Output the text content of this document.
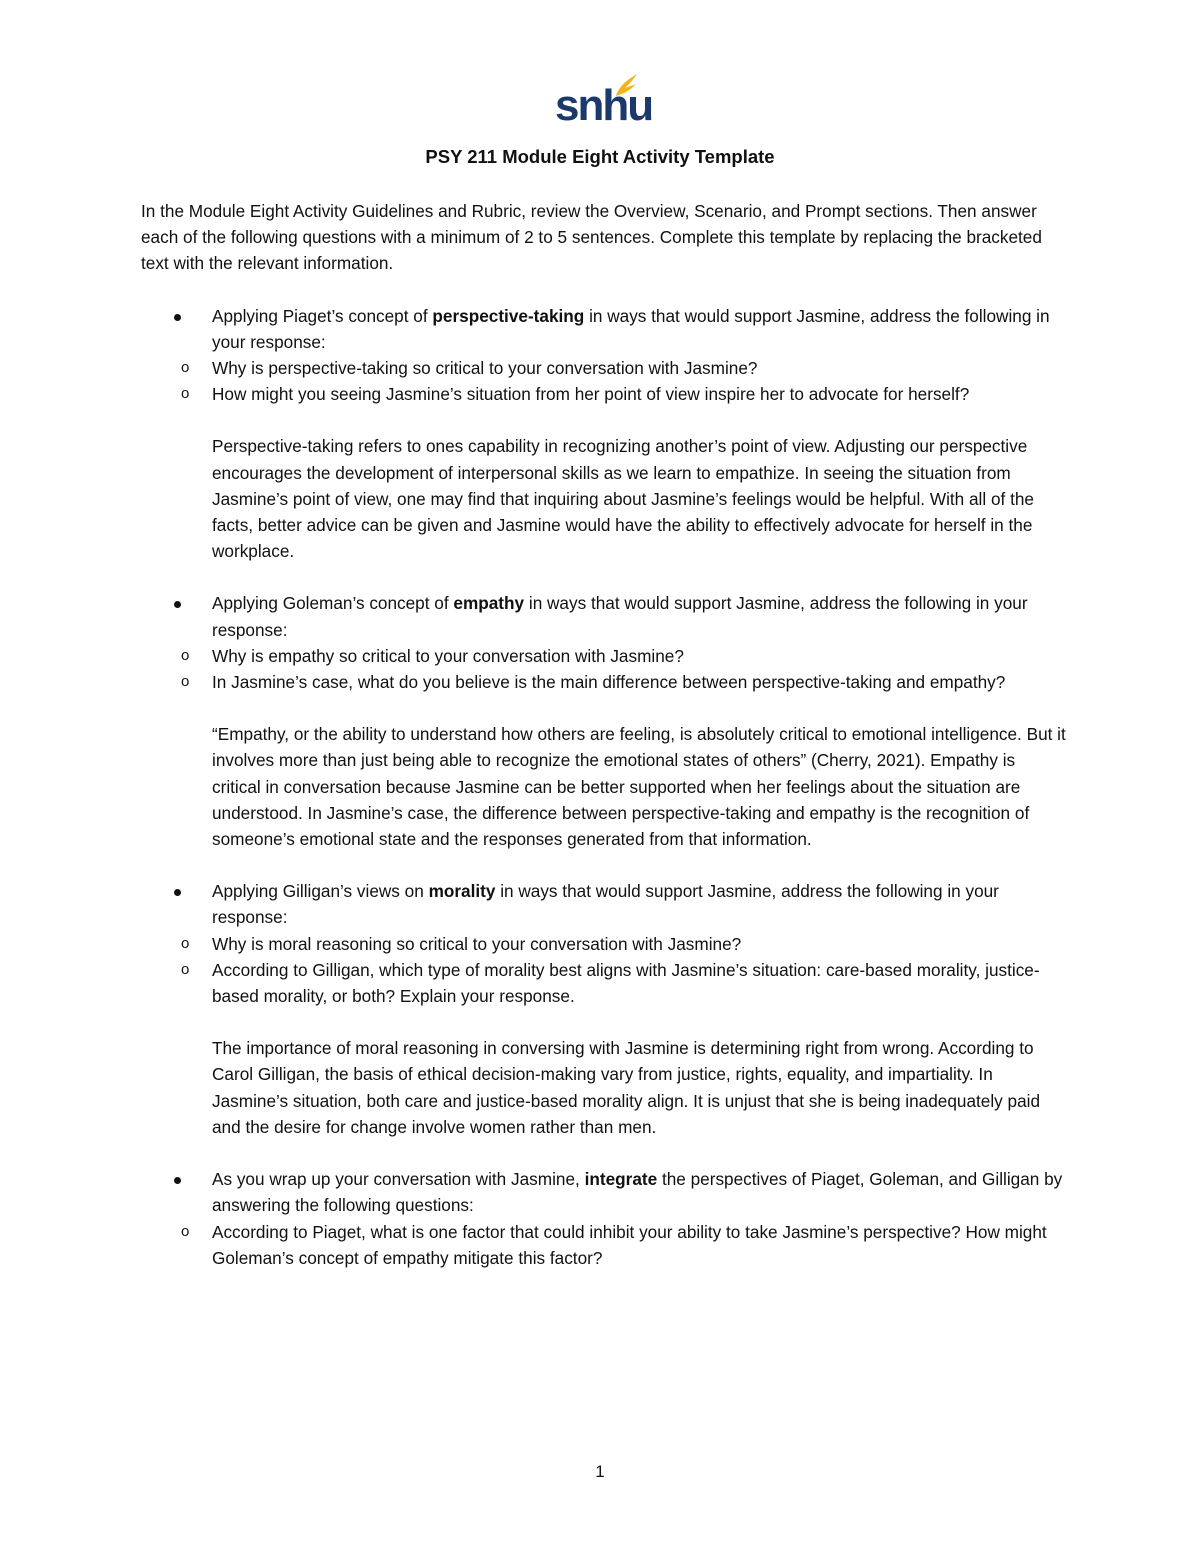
snhu
PSY 211 Module Eight Activity Template

In the Module Eight Activity Guidelines and Rubric, review the Overview, Scenario, and Prompt sections. Then answer each of the following questions with a minimum of 2 to 5 sentences. Complete this template by replacing the bracketed text with the relevant information.

Applying Piaget’s concept of perspective-taking in ways that would support Jasmine, address the following in your response:
o Why is perspective-taking so critical to your conversation with Jasmine?
o How might you seeing Jasmine’s situation from her point of view inspire her to advocate for herself?

Perspective-taking refers to ones capability in recognizing another’s point of view. Adjusting our perspective encourages the development of interpersonal skills as we learn to empathize. In seeing the situation from Jasmine’s point of view, one may find that inquiring about Jasmine’s feelings would be helpful. With all of the facts, better advice can be given and Jasmine would have the ability to effectively advocate for herself in the workplace.

Applying Goleman’s concept of empathy in ways that would support Jasmine, address the following in your response:
o Why is empathy so critical to your conversation with Jasmine?
o In Jasmine’s case, what do you believe is the main difference between perspective-taking and empathy?

“Empathy, or the ability to understand how others are feeling, is absolutely critical to emotional intelligence. But it involves more than just being able to recognize the emotional states of others” (Cherry, 2021). Empathy is critical in conversation because Jasmine can be better supported when her feelings about the situation are understood. In Jasmine’s case, the difference between perspective-taking and empathy is the recognition of someone’s emotional state and the responses generated from that information.

Applying Gilligan’s views on morality in ways that would support Jasmine, address the following in your response:
o Why is moral reasoning so critical to your conversation with Jasmine?
o According to Gilligan, which type of morality best aligns with Jasmine’s situation: care-based morality, justice-based morality, or both? Explain your response.

The importance of moral reasoning in conversing with Jasmine is determining right from wrong. According to Carol Gilligan, the basis of ethical decision-making vary from justice, rights, equality, and impartiality. In Jasmine’s situation, both care and justice-based morality align. It is unjust that she is being inadequately paid and the desire for change involve women rather than men.

As you wrap up your conversation with Jasmine, integrate the perspectives of Piaget, Goleman, and Gilligan by answering the following questions:
o According to Piaget, what is one factor that could inhibit your ability to take Jasmine’s perspective? How might Goleman’s concept of empathy mitigate this factor?
1
